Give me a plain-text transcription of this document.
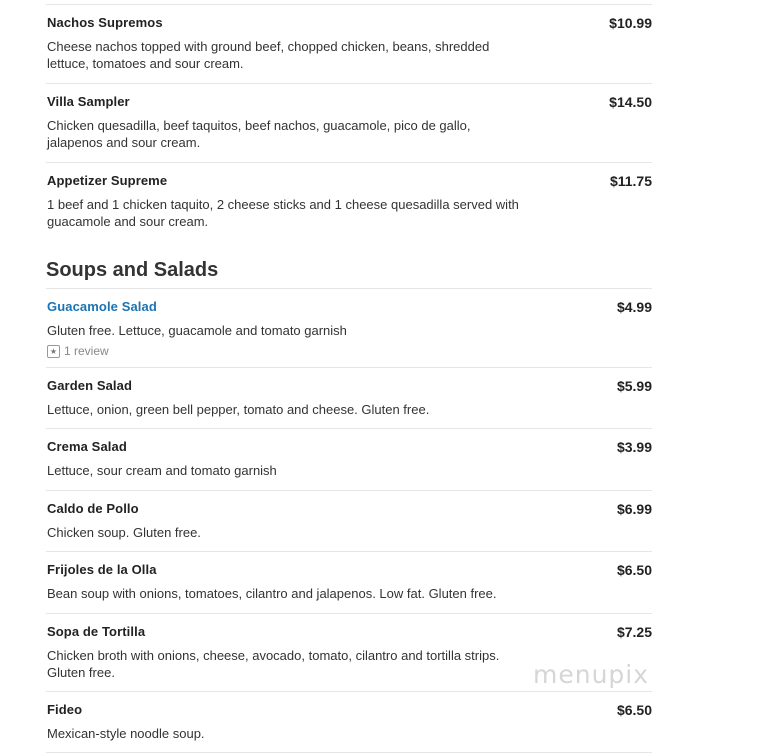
Nachos Supremos	$10.99
Cheese nachos topped with ground beef, chopped chicken, beans, shredded lettuce, tomatoes and sour cream.
Villa Sampler	$14.50
Chicken quesadilla, beef taquitos, beef nachos, guacamole, pico de gallo, jalapenos and sour cream.
Appetizer Supreme	$11.75
1 beef and 1 chicken taquito, 2 cheese sticks and 1 cheese quesadilla served with guacamole and sour cream.
Soups and Salads
Guacamole Salad	$4.99
Gluten free. Lettuce, guacamole and tomato garnish
★ 1 review
Garden Salad	$5.99
Lettuce, onion, green bell pepper, tomato and cheese. Gluten free.
Crema Salad	$3.99
Lettuce, sour cream and tomato garnish
Caldo de Pollo	$6.99
Chicken soup. Gluten free.
Frijoles de la Olla	$6.50
Bean soup with onions, tomatoes, cilantro and jalapenos. Low fat. Gluten free.
Sopa de Tortilla	$7.25
Chicken broth with onions, cheese, avocado, tomato, cilantro and tortilla strips. Gluten free.
Fideo	$6.50
Mexican-style noodle soup.
menupix
